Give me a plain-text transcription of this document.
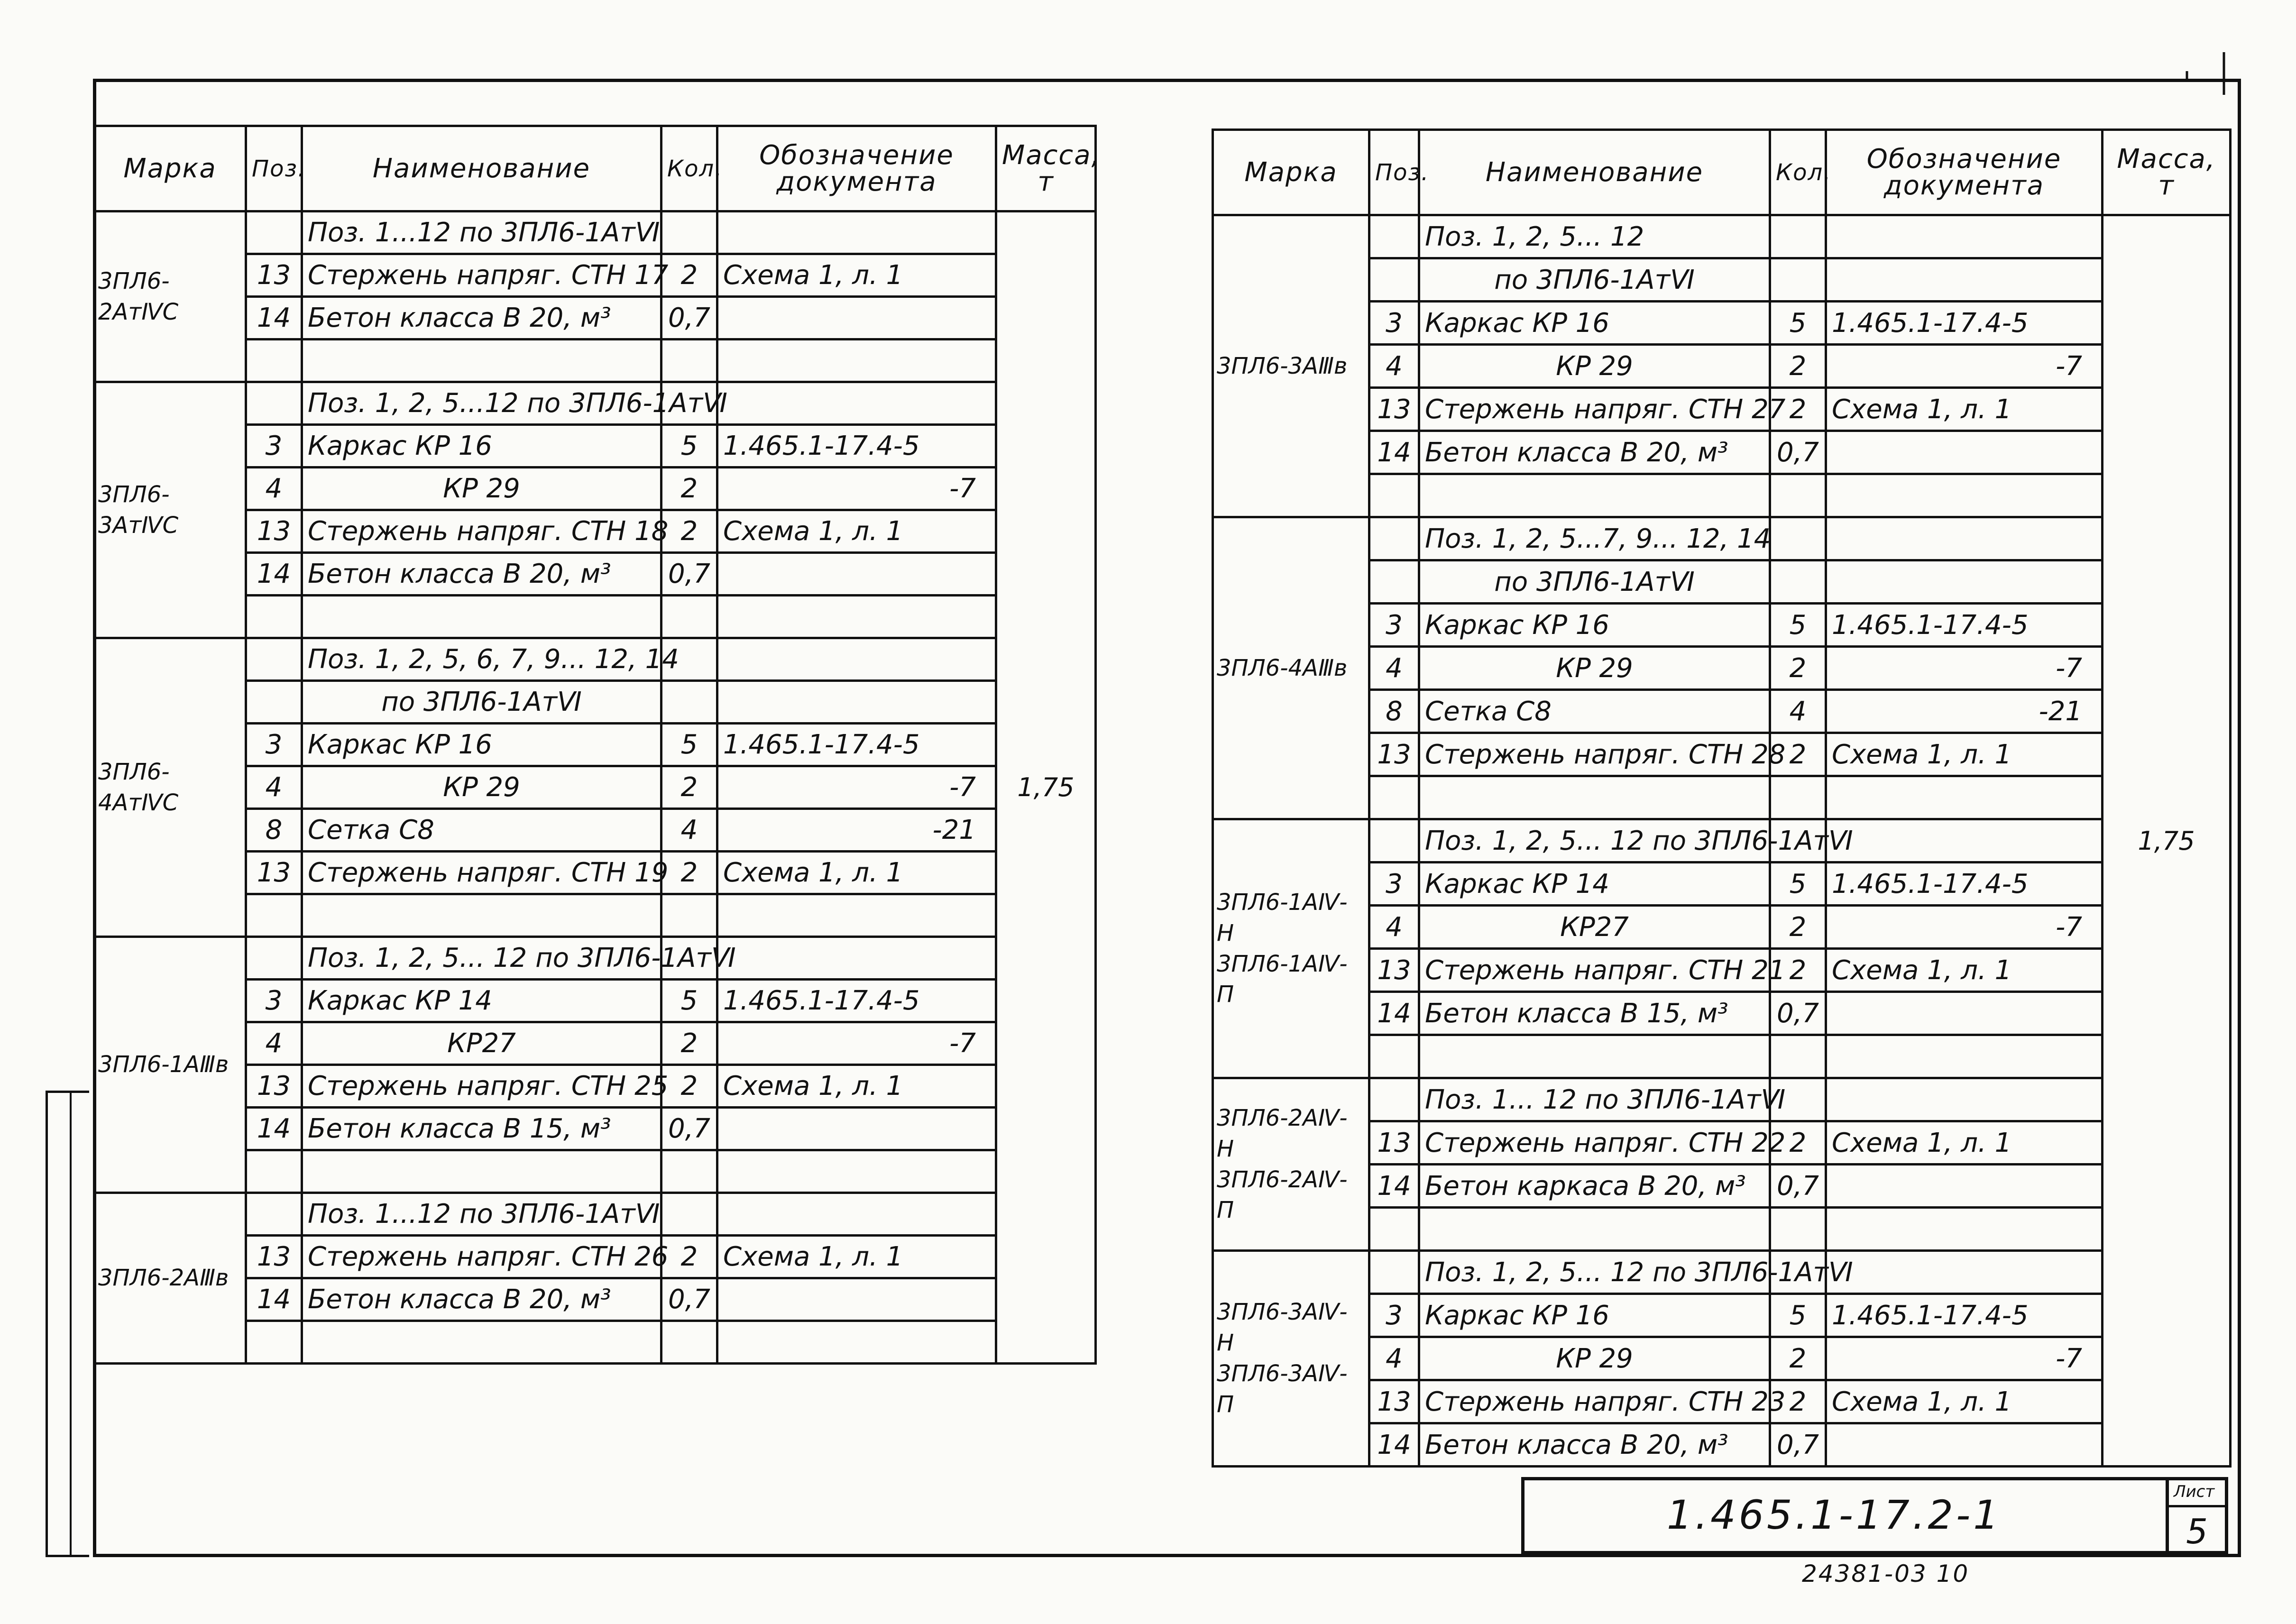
Марка	Поз.	Наименование	Кол.	Обозначение документа	Масса, т
3ПЛ6-2АтⅣС		Поз. 1...12 по 3ПЛ6-1АтⅥ			1,75
	13	Стержень напряг. СТН 17	2	Схема 1, л. 1	
	14	Бетон класса В 20, м³	0,7		

3ПЛ6-3АтⅣС		Поз. 1, 2, 5...12 по 3ПЛ6-1АтⅥ			
	3	Каркас КР 16	5	1.465.1-17.4-5	
	4	КР 29	2	-7	
	13	Стержень напряг. СТН 18	2	Схема 1, л. 1	
	14	Бетон класса В 20, м³	0,7		

3ПЛ6-4АтⅣС		Поз. 1, 2, 5, 6, 7, 9... 12, 14			
		по 3ПЛ6-1АтⅥ			
	3	Каркас КР 16	5	1.465.1-17.4-5	
	4	КР 29	2	-7	
	8	Сетка С8	4	-21	
	13	Стержень напряг. СТН 19	2	Схема 1, л. 1	

3ПЛ6-1АⅢв		Поз. 1, 2, 5... 12 по 3ПЛ6-1АтⅥ			
	3	Каркас КР 14	5	1.465.1-17.4-5	
	4	КР27	2	-7	
	13	Стержень напряг. СТН 25	2	Схема 1, л. 1	
	14	Бетон класса В 15, м³	0,7		

3ПЛ6-2АⅢв		Поз. 1...12 по 3ПЛ6-1АтⅥ			
	13	Стержень напряг. СТН 26	2	Схема 1, л. 1	
	14	Бетон класса В 20, м³	0,7		

Марка	Поз.	Наименование	Кол.	Обозначение документа	Масса, т
3ПЛ6-3АⅢв		Поз. 1, 2, 5... 12			1,75
		по 3ПЛ6-1АтⅥ			
	3	Каркас КР 16	5	1.465.1-17.4-5	
	4	КР 29	2	-7	
	13	Стержень напряг. СТН 27	2	Схема 1, л. 1	
	14	Бетон класса В 20, м³	0,7		

3ПЛ6-4АⅢв		Поз. 1, 2, 5...7, 9... 12, 14			
		по 3ПЛ6-1АтⅥ			
	3	Каркас КР 16	5	1.465.1-17.4-5	
	4	КР 29	2	-7	
	8	Сетка С8	4	-21	
	13	Стержень напряг. СТН 28	2	Схема 1, л. 1	

3ПЛ6-1АⅣ-Н
3ПЛ6-1АⅣ-П		Поз. 1, 2, 5... 12 по 3ПЛ6-1АтⅥ			
	3	Каркас КР 14	5	1.465.1-17.4-5	
	4	КР27	2	-7	
	13	Стержень напряг. СТН 21	2	Схема 1, л. 1	
	14	Бетон класса В 15, м³	0,7		

3ПЛ6-2АⅣ-Н
3ПЛ6-2АⅣ-П		Поз. 1... 12 по 3ПЛ6-1АтⅥ			
	13	Стержень напряг. СТН 22	2	Схема 1, л. 1	
	14	Бетон каркаса В 20, м³	0,7		

3ПЛ6-3АⅣ-Н
3ПЛ6-3АⅣ-П		Поз. 1, 2, 5... 12 по 3ПЛ6-1АтⅥ			
	3	Каркас КР 16	5	1.465.1-17.4-5	
	4	КР 29	2	-7	
	13	Стержень напряг. СТН 23	2	Схема 1, л. 1	
	14	Бетон класса В 20, м³	0,7		
1.465.1-17.2-1	Лист
5
24381-03 10
